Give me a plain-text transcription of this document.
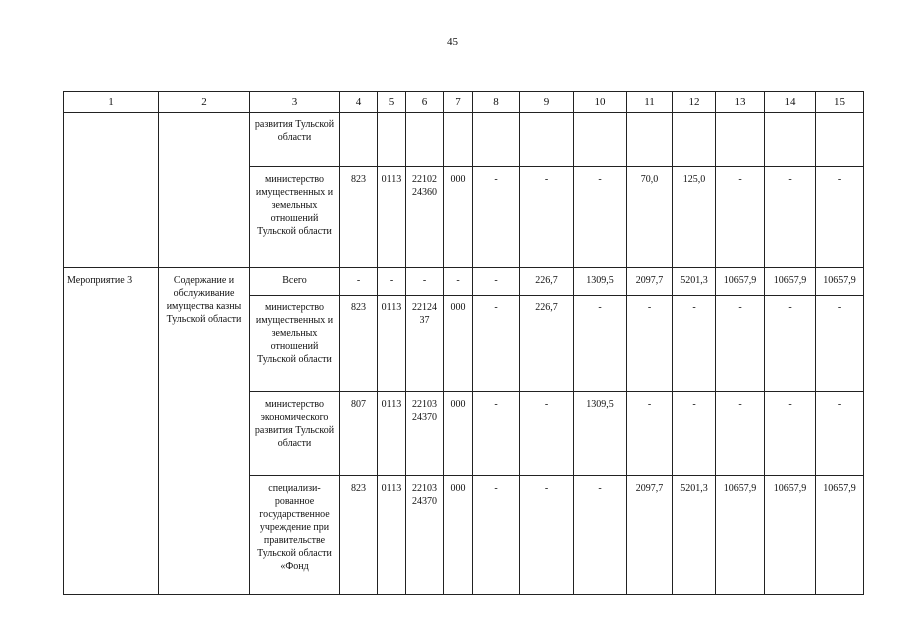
45
1	2	3	4	5	6	7	8	9	10	11	12	13	14	15
		развития Тульской области												
		министерство имущественных и земельных отношений Тульской области	823	0113	22102 24360	000	-	-	-	70,0	125,0	-	-	-
Мероприятие 3	Содержание и обслуживание имущества казны Тульской области	Всего	-	-	-	-	-	226,7	1309,5	2097,7	5201,3	10657,9	10657,9	10657,9
		министерство имущественных и земельных отношений Тульской области	823	0113	22124 37	000	-	226,7	-	-	-	-	-	-
		министерство экономического развития Тульской области	807	0113	22103 24370	000	-	-	1309,5	-	-	-	-	-
		специализи-рованное государственное учреждение при правительстве Тульской области «Фонд	823	0113	22103 24370	000	-	-	-	2097,7	5201,3	10657,9	10657,9	10657,9
